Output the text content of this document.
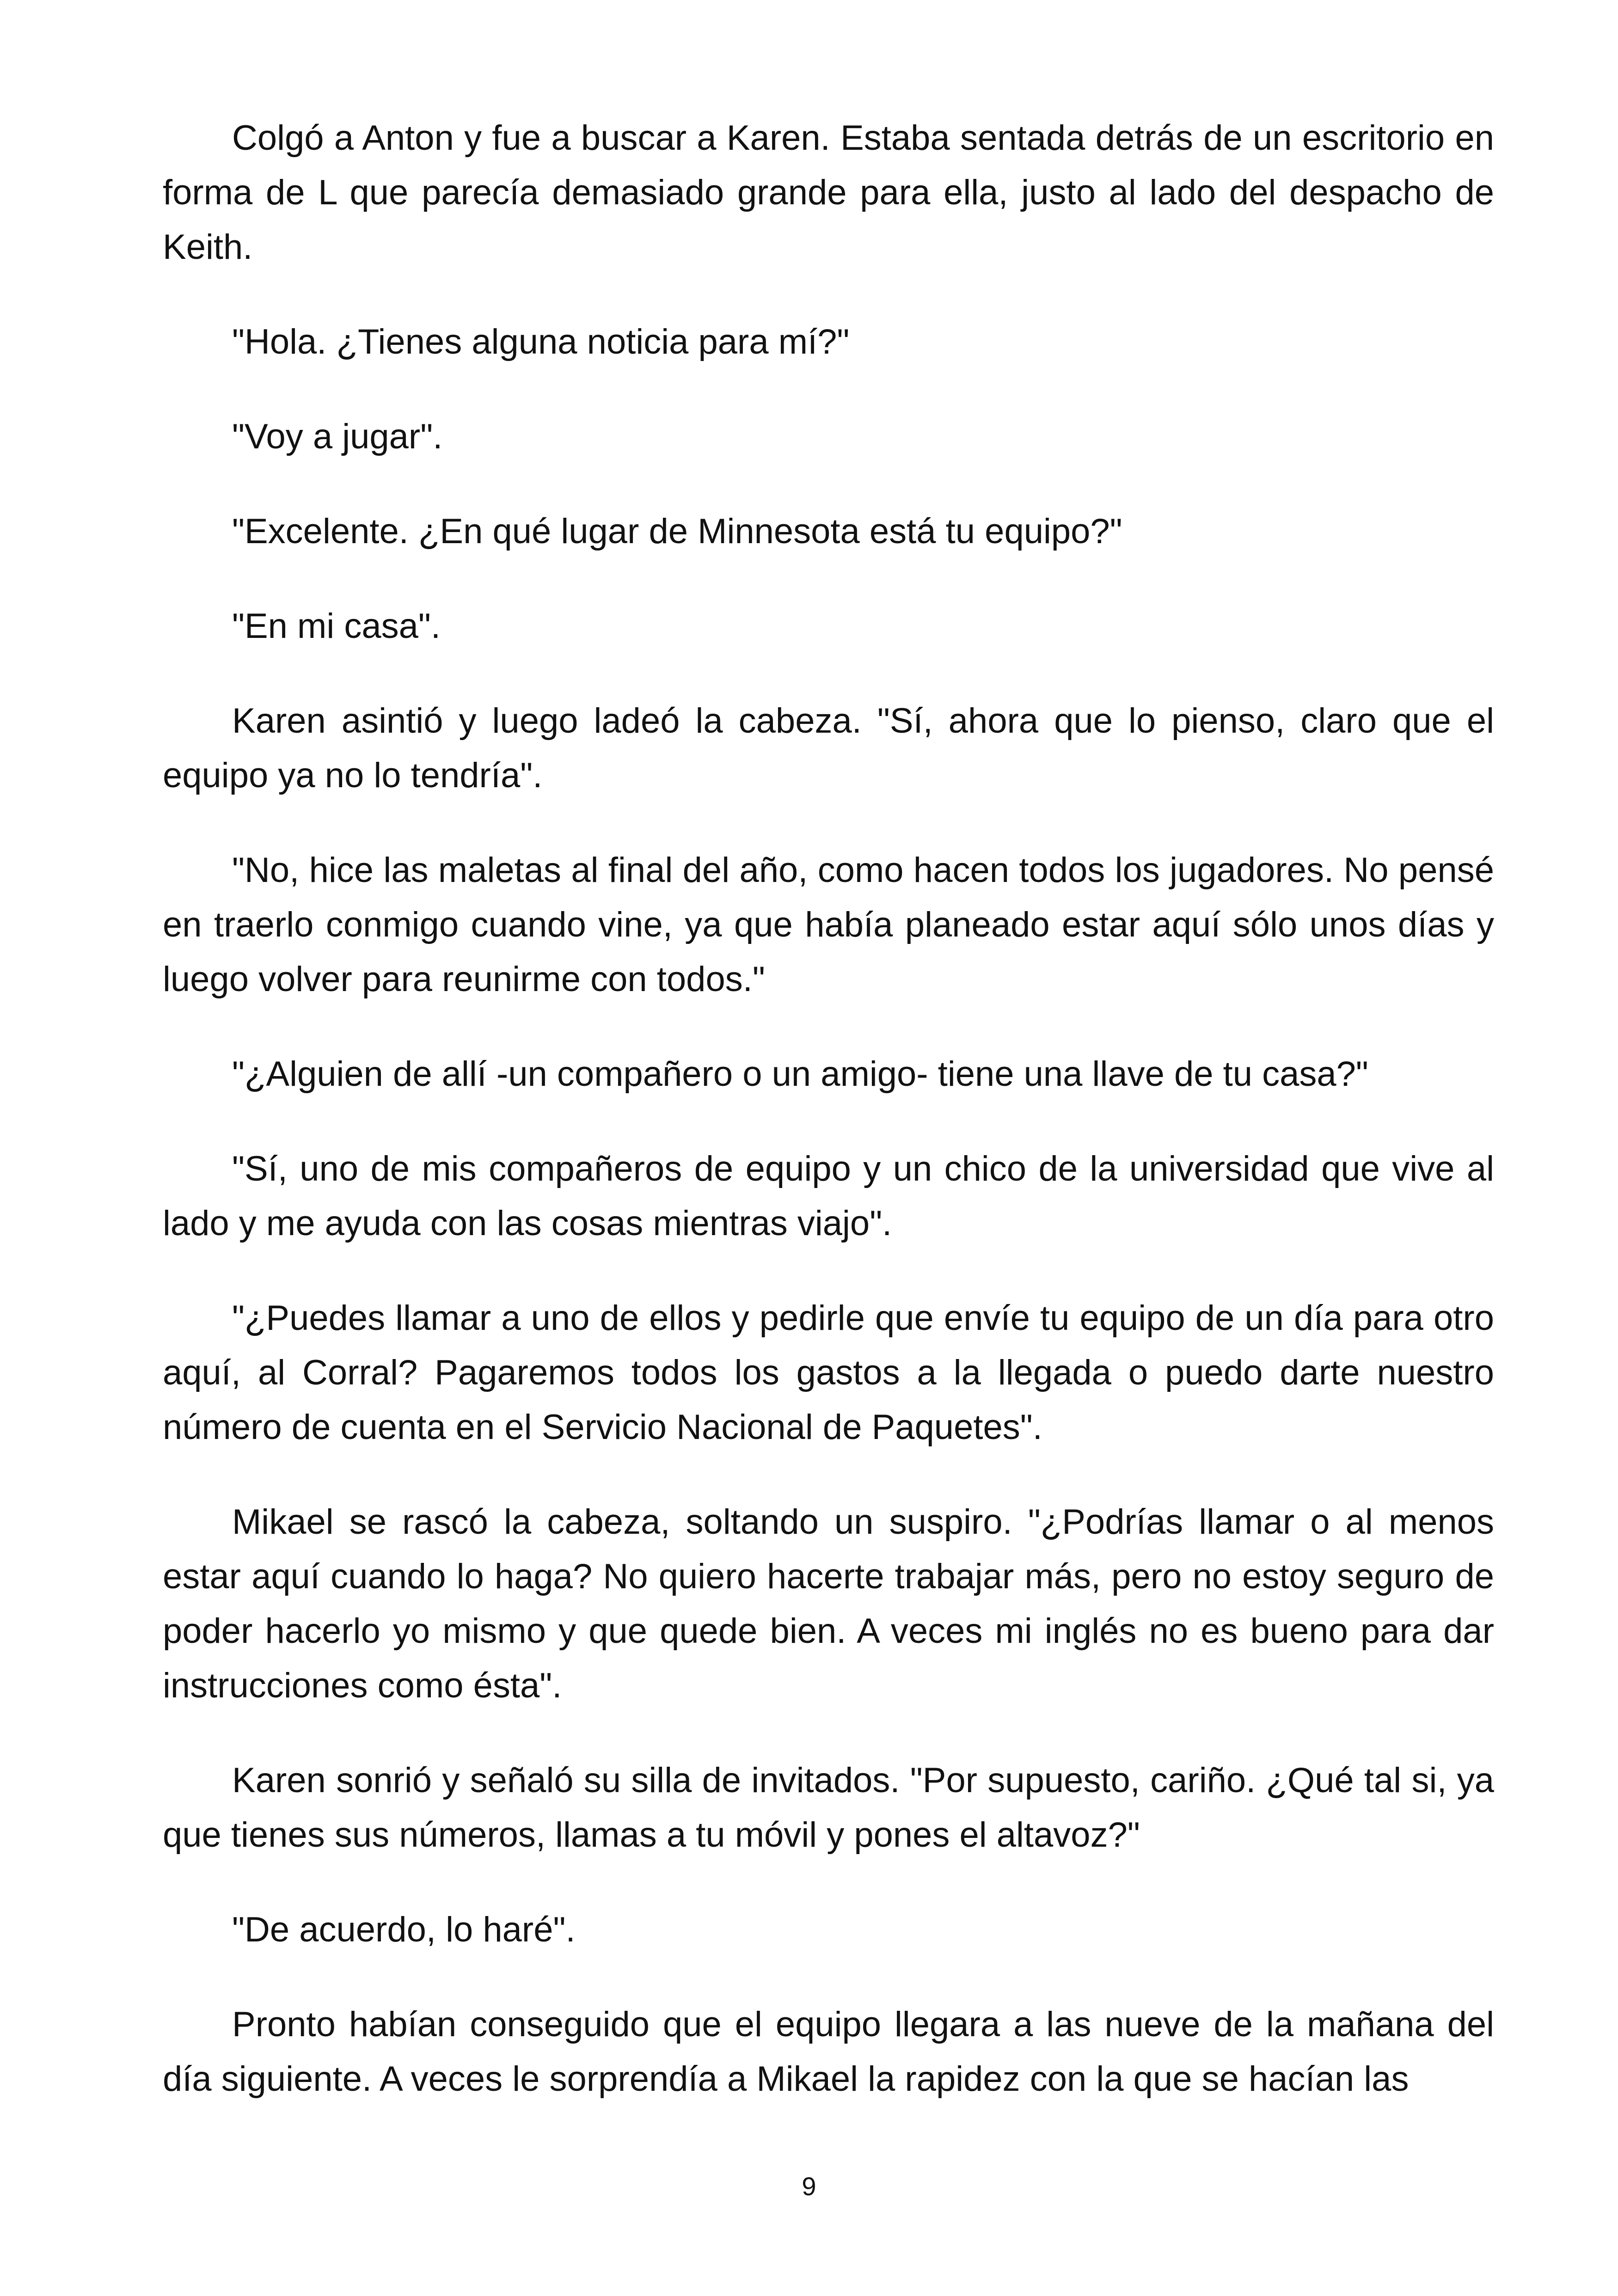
Colgó a Anton y fue a buscar a Karen. Estaba sentada detrás de un escritorio en forma de L que parecía demasiado grande para ella, justo al lado del despacho de Keith.

"Hola. ¿Tienes alguna noticia para mí?"

"Voy a jugar".

"Excelente. ¿En qué lugar de Minnesota está tu equipo?"

"En mi casa".

Karen asintió y luego ladeó la cabeza. "Sí, ahora que lo pienso, claro que el equipo ya no lo tendría".

"No, hice las maletas al final del año, como hacen todos los jugadores. No pensé en traerlo conmigo cuando vine, ya que había planeado estar aquí sólo unos días y luego volver para reunirme con todos."

"¿Alguien de allí -un compañero o un amigo- tiene una llave de tu casa?"

"Sí, uno de mis compañeros de equipo y un chico de la universidad que vive al lado y me ayuda con las cosas mientras viajo".

"¿Puedes llamar a uno de ellos y pedirle que envíe tu equipo de un día para otro aquí, al Corral? Pagaremos todos los gastos a la llegada o puedo darte nuestro número de cuenta en el Servicio Nacional de Paquetes".

Mikael se rascó la cabeza, soltando un suspiro. "¿Podrías llamar o al menos estar aquí cuando lo haga? No quiero hacerte trabajar más, pero no estoy seguro de poder hacerlo yo mismo y que quede bien. A veces mi inglés no es bueno para dar instrucciones como ésta".

Karen sonrió y señaló su silla de invitados. "Por supuesto, cariño. ¿Qué tal si, ya que tienes sus números, llamas a tu móvil y pones el altavoz?"

"De acuerdo, lo haré".

Pronto habían conseguido que el equipo llegara a las nueve de la mañana del día siguiente. A veces le sorprendía a Mikael la rapidez con la que se hacían las

9
